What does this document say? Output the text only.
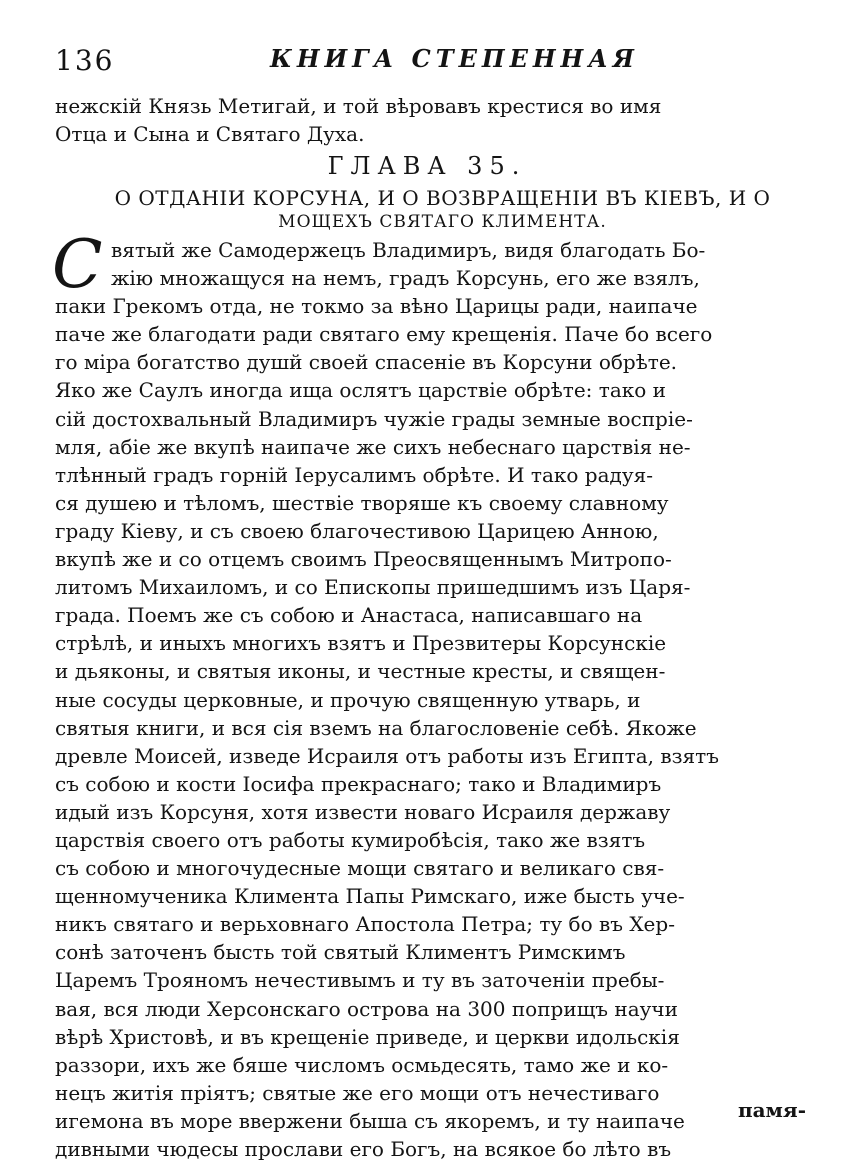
136	КНИГА СТЕПЕННАЯ
нежскiй Князь Метигай, и той вѣровавъ крестися во имя
Отца и Сына и Святаго Духа.
ГЛАВА 35.
О ОТДАНIИ КОРСУНА, И О ВОЗВРАЩЕНIИ ВЪ КIЕВЪ, И О
МОЩЕХЪ СВЯТАГО КЛИМЕНТА.
С вятый же Самодержецъ Владимиръ, видя благодать Бо-
жiю множащуся на немъ, градъ Корсунь, его же взялъ,
паки Грекомъ отда, не токмо за вѣно Царицы ради, наипаче
паче же благодати ради святаго ему крещенiя. Паче бо всего
го мiра богатство душй своей спасенiе въ Корсуни обрѣте.
Яко же Саулъ иногда ища ослятъ царствiе обрѣте: тако и
сiй достохвальный Владимиръ чужiе грады земные воспрiе-
мля, абiе же вкупѣ наипаче же сихъ небеснаго царствiя не-
тлѣнный градъ горнiй Iерусалимъ обрѣте. И тако радуя-
ся душею и тѣломъ, шествiе творяше къ своему славному
граду Кiеву, и съ своею благочестивою Царицею Анною,
вкупѣ же и со отцемъ своимъ Преосвященнымъ Митропо-
литомъ Михаиломъ, и со Епископы пришедшимъ изъ Царя-
града. Поемъ же съ собою и Анастаса, написавшаго на
стрѣлѣ, и иныхъ многихъ взятъ и Презвитеры Корсунскiе
и дьяконы, и святыя иконы, и честные кресты, и священ-
ные сосуды церковные, и прочую священную утварь, и
святыя книги, и вся сiя вземъ на благословенiе себѣ. Якоже
древле Моисей, изведе Исраиля отъ работы изъ Египта, взятъ
съ собою и кости Iосифа прекраснаго; тако и Владимиръ
идый изъ Корсуня, хотя извести новаго Исраиля державу
царствiя своего отъ работы кумиробѣсiя, тако же взятъ
съ собою и многочудесные мощи святаго и великаго свя-
щенномученика Климента Папы Римскаго, иже бысть уче-
никъ святаго и верьховнаго Апостола Петра; ту бо въ Хер-
сонѣ заточенъ бысть той святый Климентъ Римскимъ
Царемъ Трояномъ нечестивымъ и ту въ заточенiи пребы-
вая, вся люди Херсонскаго острова на 300 поприщъ научи
вѣрѣ Христовѣ, и въ крещенiе приведе, и церкви идольскiя
раззори, ихъ же бяше числомъ осмьдесять, тамо же и ко-
нецъ житiя прiятъ; святые же его мощи отъ нечестиваго
игемона въ море ввержени быша съ якоремъ, и ту наипаче
дивными чюдесы прослави его Богъ, на всякое бо лѣто въ
памя-
